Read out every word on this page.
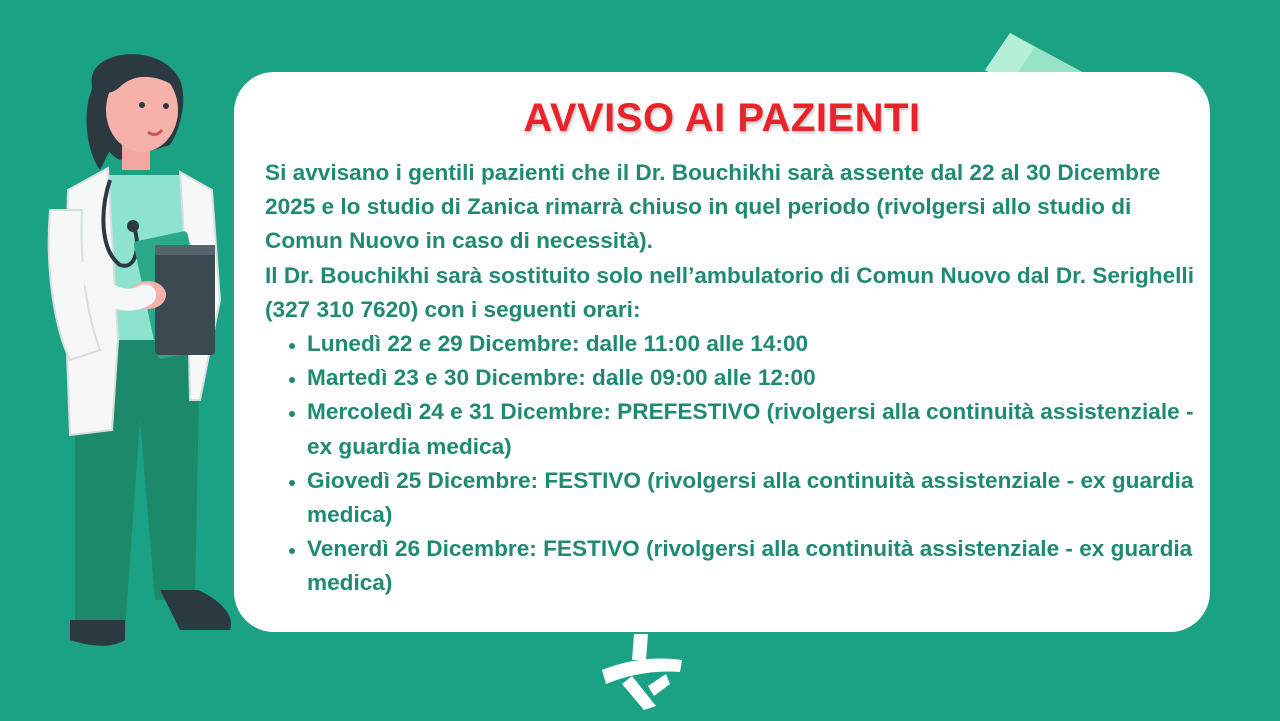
AVVISO AI PAZIENTI

Si avvisano i gentili pazienti che il Dr. Bouchikhi sarà assente dal 22 al 30 Dicembre 2025 e lo studio di Zanica rimarrà chiuso in quel periodo (rivolgersi allo studio di Comun Nuovo in caso di necessità).

Il Dr. Bouchikhi sarà sostituito solo nell’ambulatorio di Comun Nuovo dal Dr. Serighelli (327 310 7620) con i seguenti orari:

• Lunedì 22 e 29 Dicembre: dalle 11:00 alle 14:00
• Martedì 23 e 30 Dicembre: dalle 09:00 alle 12:00
• Mercoledì 24 e 31 Dicembre: PREFESTIVO (rivolgersi alla continuità assistenziale - ex guardia medica)
• Giovedì 25 Dicembre: FESTIVO (rivolgersi alla continuità assistenziale - ex guardia medica)
• Venerdì 26 Dicembre: FESTIVO (rivolgersi alla continuità assistenziale - ex guardia medica)
